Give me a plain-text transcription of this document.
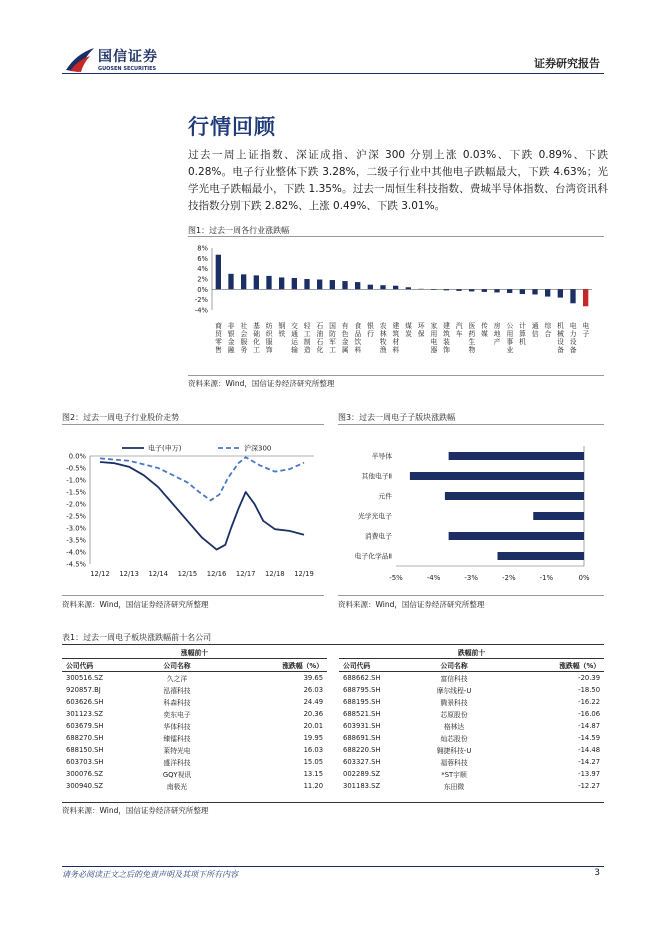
国信证券
GUOSEN SECURITIES	证券研究报告
行情回顾
过去一周上证指数、深证成指、沪深 300 分别上涨 0.03%、下跌 0.89%、下跌 0.28%。电子行业整体下跌 3.28%，二级子行业中其他电子跌幅最大，下跌 4.63%；光学光电子跌幅最小，下跌 1.35%。过去一周恒生科技指数、费城半导体指数、台湾资讯科技指数分别下跌 2.82%、上涨 0.49%、下跌 3.01%。
图1：过去一周各行业涨跌幅
8%
6%
4%
2%
0%
-2%
-4%
商贸零售
非银金融
社会服务
基础化工
纺织服饰
钢铁
交通运输
轻工制造
石油石化
国防军工
有色金属
食品饮料
银行
农林牧渔
建筑材料
煤炭
环保
家用电器
建筑装饰
汽车
医药生物
传媒
房地产
公用事业
计算机
通信
综合
机械设备
电力设备
电子
资料来源：Wind，国信证券经济研究所整理
图2：过去一周电子行业股价走势
0.0%
-0.5%
-1.0%
-1.5%
-2.0%
-2.5%
-3.0%
-3.5%
-4.0%
-4.5%
12/12 12/13 12/14 12/15 12/16 12/17 12/18 12/19
电子(申万)	沪深300
资料来源：Wind，国信证券经济研究所整理
图3：过去一周电子子版块涨跌幅
-5%	-4%	-3%	-2%	-1%	0%
半导体
其他电子Ⅱ
元件
光学光电子
消费电子
电子化学品Ⅱ
资料来源：Wind，国信证券经济研究所整理
表1：过去一周电子板块涨跌幅前十名公司
涨幅前十				跌幅前十		
公司代码	公司名称	涨跌幅（%）		公司代码	公司名称	涨跌幅（%）
300516.SZ	久之洋	39.65		688662.SH	富信科技	-20.39
920857.BJ	泓禧科技	26.03		688795.SH	摩尔线程-U	-18.50
603626.SH	科森科技	24.49		688195.SH	腾景科技	-16.22
301123.SZ	奕东电子	20.36		688521.SH	芯原股份	-16.06
603679.SH	华体科技	20.01		603931.SH	格林达	-14.87
688270.SH	臻镭科技	19.95		688691.SH	灿芯股份	-14.59
688150.SH	莱特光电	16.03		688220.SH	翱捷科技-U	-14.48
603703.SH	盛洋科技	15.05		603327.SH	福蓉科技	-14.27
300076.SZ	GQY视讯	13.15		002289.SZ	*ST宇顺	-13.97
300940.SZ	南极光	11.20		301183.SZ	东田微	-12.27
资料来源：Wind，国信证券经济研究所整理
请务必阅读正文之后的免责声明及其项下所有内容	3
